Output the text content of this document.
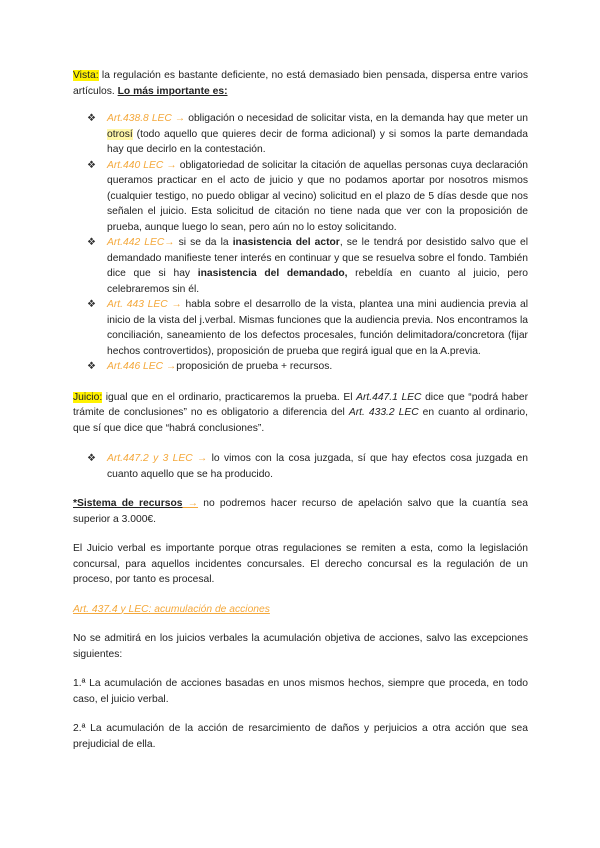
Vista: la regulación es bastante deficiente, no está demasiado bien pensada, dispersa entre varios artículos. Lo más importante es:

❖ Art.438.8 LEC → obligación o necesidad de solicitar vista, en la demanda hay que meter un otrosí (todo aquello que quieres decir de forma adicional) y si somos la parte demandada hay que decirlo en la contestación.
❖ Art.440 LEC → obligatoriedad de solicitar la citación de aquellas personas cuya declaración queramos practicar en el acto de juicio y que no podamos aportar por nosotros mismos (cualquier testigo, no puedo obligar al vecino) solicitud en el plazo de 5 días desde que nos señalen el juicio. Esta solicitud de citación no tiene nada que ver con la proposición de prueba, aunque luego lo sean, pero aún no lo estoy solicitando.
❖ Art.442 LEC→ si se da la inasistencia del actor, se le tendrá por desistido salvo que el demandado manifieste tener interés en continuar y que se resuelva sobre el fondo. También dice que si hay inasistencia del demandado, rebeldía en cuanto al juicio, pero celebraremos sin él.
❖ Art. 443 LEC → habla sobre el desarrollo de la vista, plantea una mini audiencia previa al inicio de la vista del j.verbal. Mismas funciones que la audiencia previa. Nos encontramos la conciliación, saneamiento de los defectos procesales, función delimitadora/concretora (fijar hechos controvertidos), proposición de prueba que regirá igual que en la A.previa.
❖ Art.446 LEC →proposición de prueba + recursos.

Juicio: igual que en el ordinario, practicaremos la prueba. El Art.447.1 LEC dice que “podrá haber trámite de conclusiones” no es obligatorio a diferencia del Art. 433.2 LEC en cuanto al ordinario, que sí que dice que “habrá conclusiones”.

❖ Art.447.2 y 3 LEC → lo vimos con la cosa juzgada, sí que hay efectos cosa juzgada en cuanto aquello que se ha producido.

*Sistema de recursos → no podremos hacer recurso de apelación salvo que la cuantía sea superior a 3.000€.

El Juicio verbal es importante porque otras regulaciones se remiten a esta, como la legislación concursal, para aquellos incidentes concursales. El derecho concursal es la regulación de un proceso, por tanto es procesal.

Art. 437.4 y LEC: acumulación de acciones

No se admitirá en los juicios verbales la acumulación objetiva de acciones, salvo las excepciones siguientes:

1.ª La acumulación de acciones basadas en unos mismos hechos, siempre que proceda, en todo caso, el juicio verbal.

2.ª La acumulación de la acción de resarcimiento de daños y perjuicios a otra acción que sea prejudicial de ella.
